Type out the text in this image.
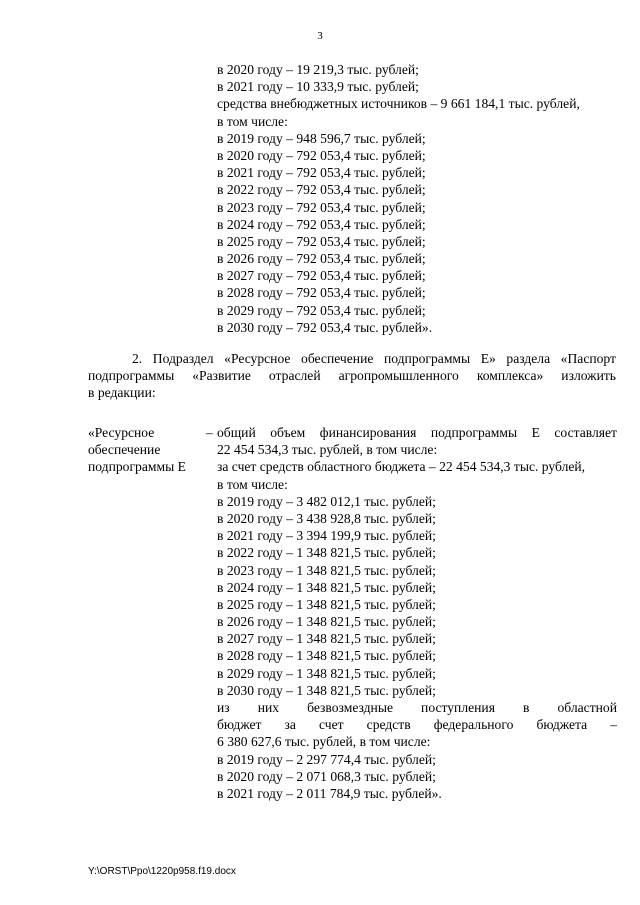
3
в 2020 году – 19 219,3 тыс. рублей;
в 2021 году – 10 333,9 тыс. рублей;
средства внебюджетных источников – 9 661 184,1 тыс. рублей,
в том числе:
в 2019 году – 948 596,7 тыс. рублей;
в 2020 году – 792 053,4 тыс. рублей;
в 2021 году – 792 053,4 тыс. рублей;
в 2022 году – 792 053,4 тыс. рублей;
в 2023 году – 792 053,4 тыс. рублей;
в 2024 году – 792 053,4 тыс. рублей;
в 2025 году – 792 053,4 тыс. рублей;
в 2026 году – 792 053,4 тыс. рублей;
в 2027 году – 792 053,4 тыс. рублей;
в 2028 году – 792 053,4 тыс. рублей;
в 2029 году – 792 053,4 тыс. рублей;
в 2030 году – 792 053,4 тыс. рублей».
2. Подраздел «Ресурсное обеспечение подпрограммы Е» раздела «Паспорт
подпрограммы «Развитие отраслей агропромышленного комплекса» изложить
в редакции:
«Ресурсное
обеспечение
подпрограммы Е
– общий объем финансирования подпрограммы Е составляет
22 454 534,3 тыс. рублей, в том числе:
за счет средств областного бюджета – 22 454 534,3 тыс. рублей,
в том числе:
в 2019 году – 3 482 012,1 тыс. рублей;
в 2020 году – 3 438 928,8 тыс. рублей;
в 2021 году – 3 394 199,9 тыс. рублей;
в 2022 году – 1 348 821,5 тыс. рублей;
в 2023 году – 1 348 821,5 тыс. рублей;
в 2024 году – 1 348 821,5 тыс. рублей;
в 2025 году – 1 348 821,5 тыс. рублей;
в 2026 году – 1 348 821,5 тыс. рублей;
в 2027 году – 1 348 821,5 тыс. рублей;
в 2028 году – 1 348 821,5 тыс. рублей;
в 2029 году – 1 348 821,5 тыс. рублей;
в 2030 году – 1 348 821,5 тыс. рублей;
из них безвозмездные поступления в областной
бюджет за счет средств федерального бюджета –
6 380 627,6 тыс. рублей, в том числе:
в 2019 году – 2 297 774,4 тыс. рублей;
в 2020 году – 2 071 068,3 тыс. рублей;
в 2021 году – 2 011 784,9 тыс. рублей».
Y:\ORST\Ppo\1220p958.f19.docx
